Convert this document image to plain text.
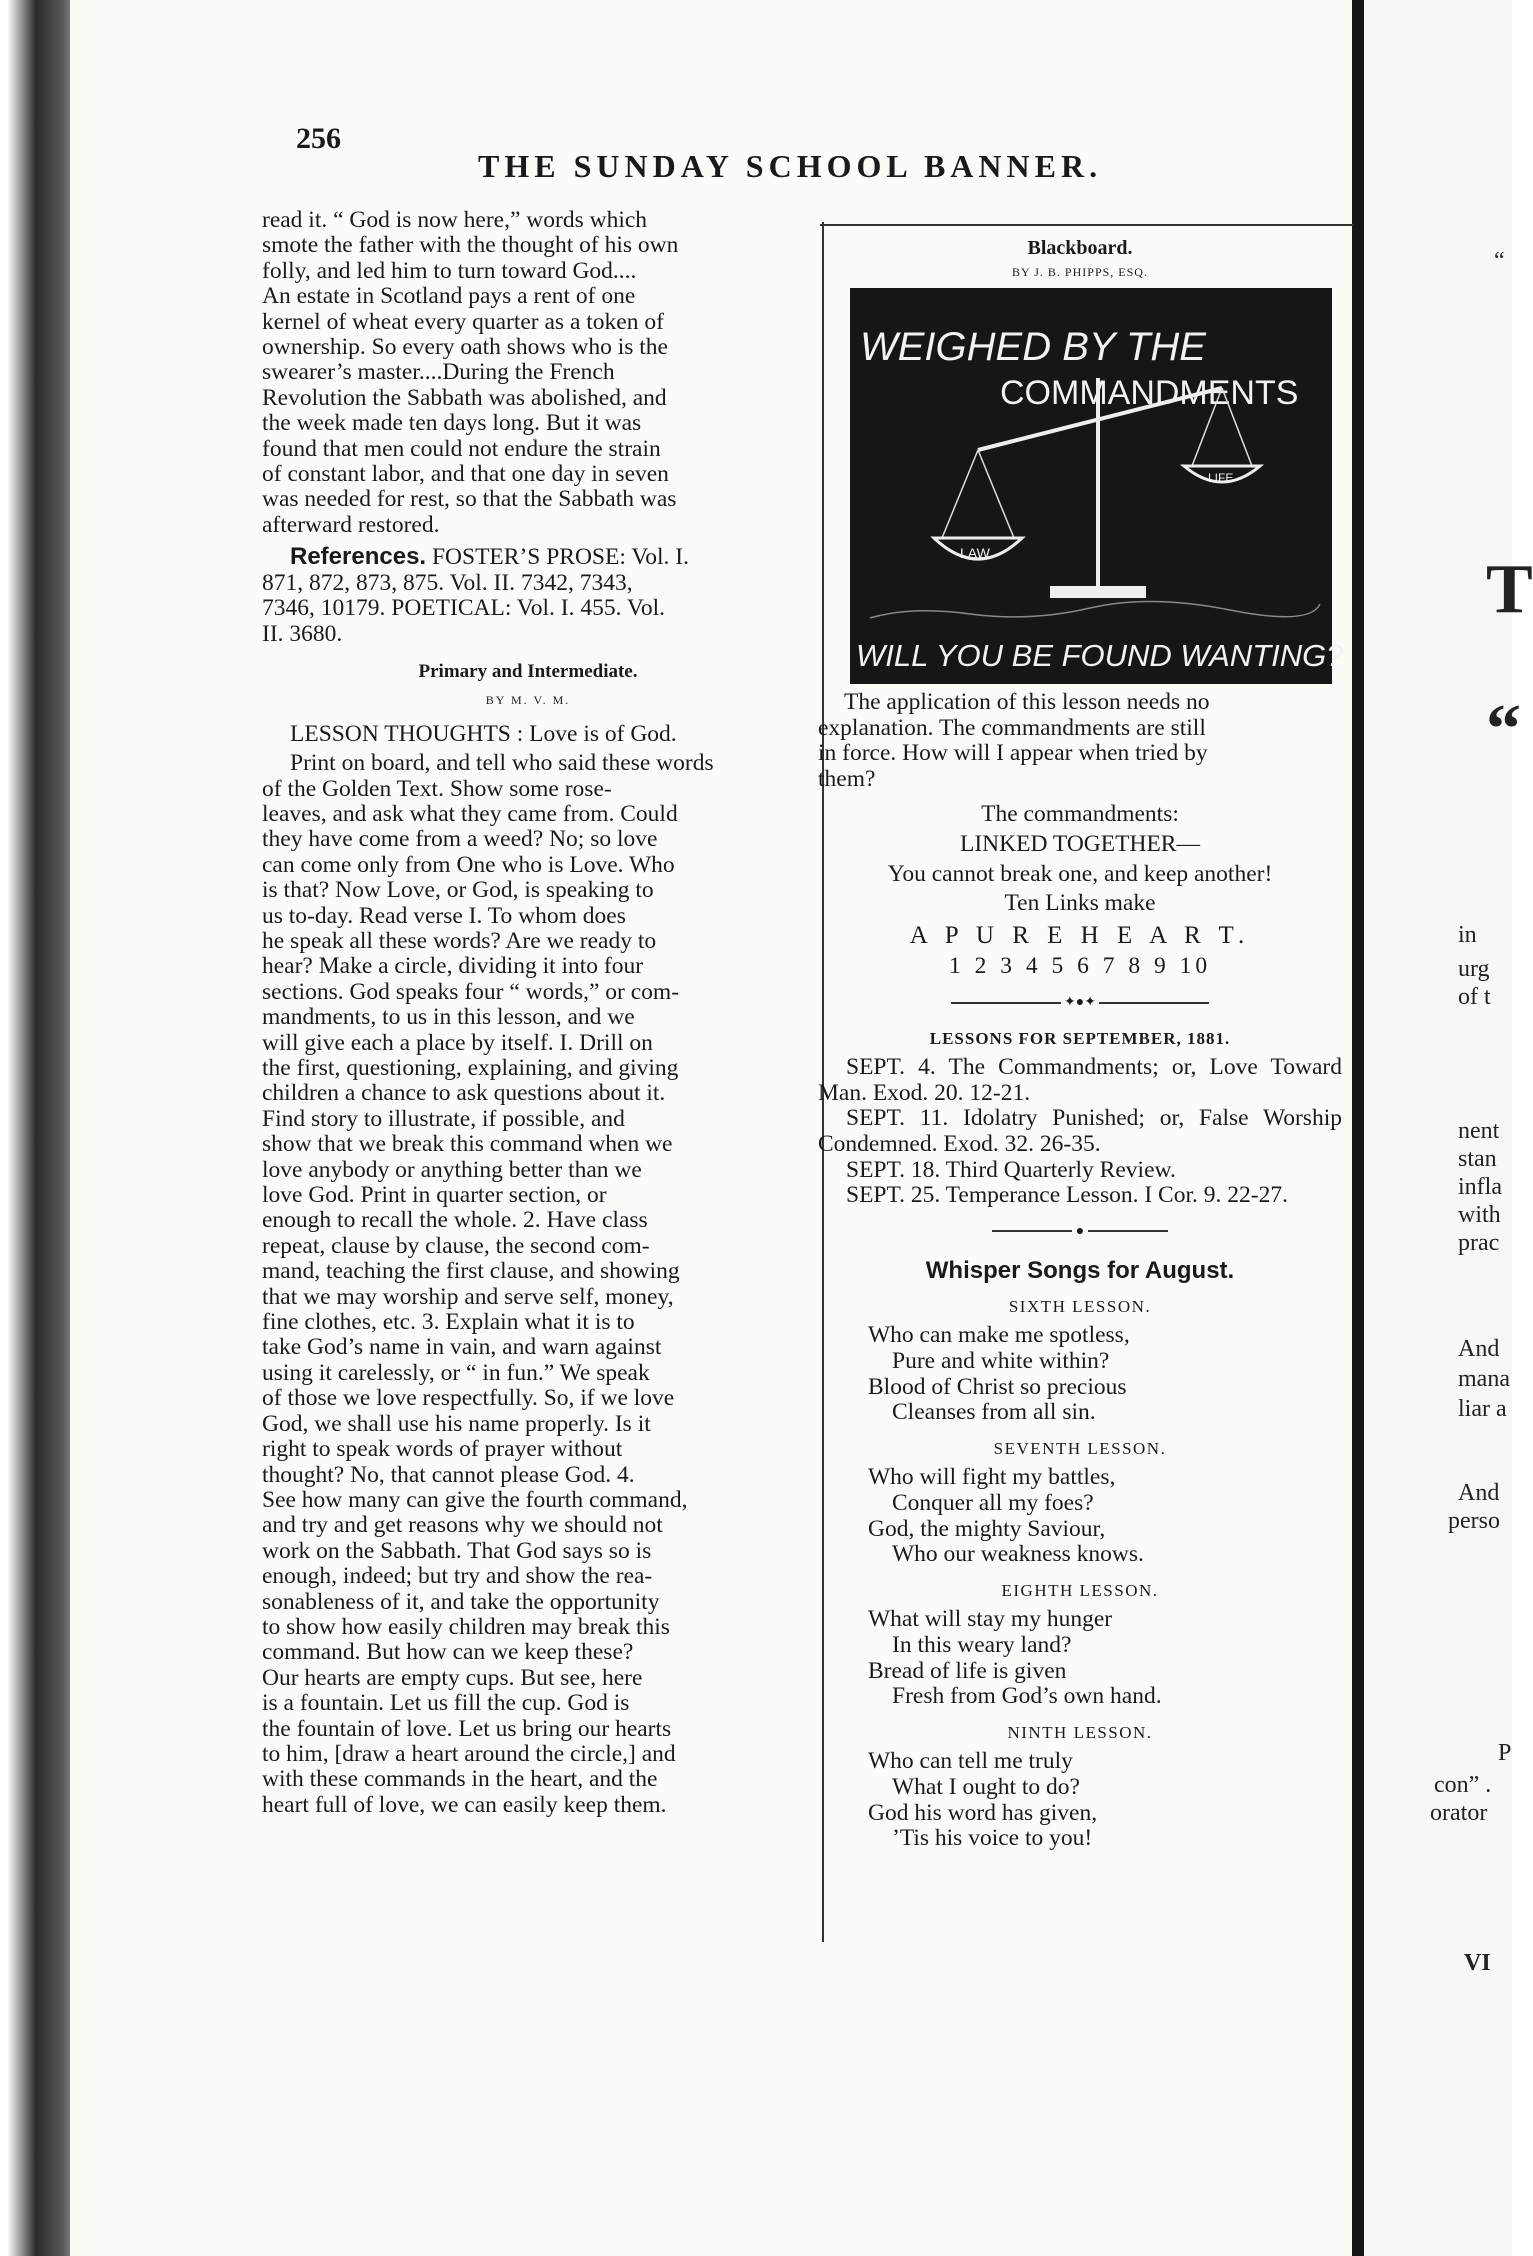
256
THE SUNDAY SCHOOL BANNER.

read it. “ God is now here,” words which

smote the father with the thought of his own

folly, and led him to turn toward God....

An estate in Scotland pays a rent of one

kernel of wheat every quarter as a token of

ownership. So every oath shows who is the

swearer’s master....During the French

Revolution the Sabbath was abolished, and

the week made ten days long. But it was

found that men could not endure the strain

of constant labor, and that one day in seven

was needed for rest, so that the Sabbath was

afterward restored.

References. FOSTER’S PROSE: Vol. I.

871, 872, 873, 875. Vol. II. 7342, 7343,

7346, 10179. POETICAL: Vol. I. 455. Vol.

II. 3680.

Primary and Intermediate.

BY M. V. M.

LESSON THOUGHTS : Love is of God.

Print on board, and tell who said these words

of the Golden Text. Show some rose-

leaves, and ask what they came from. Could

they have come from a weed? No; so love

can come only from One who is Love. Who

is that? Now Love, or God, is speaking to

us to-day. Read verse I. To whom does

he speak all these words? Are we ready to

hear? Make a circle, dividing it into four

sections. God speaks four “ words,” or com-

mandments, to us in this lesson, and we

will give each a place by itself. I. Drill on

the first, questioning, explaining, and giving

children a chance to ask questions about it.

Find story to illustrate, if possible, and

show that we break this command when we

love anybody or anything better than we

love God. Print in quarter section, or

enough to recall the whole. 2. Have class

repeat, clause by clause, the second com-

mand, teaching the first clause, and showing

that we may worship and serve self, money,

fine clothes, etc. 3. Explain what it is to

take God’s name in vain, and warn against

using it carelessly, or “ in fun.” We speak

of those we love respectfully. So, if we love

God, we shall use his name properly. Is it

right to speak words of prayer without

thought? No, that cannot please God. 4.

See how many can give the fourth command,

and try and get reasons why we should not

work on the Sabbath. That God says so is

enough, indeed; but try and show the rea-

sonableness of it, and take the opportunity

to show how easily children may break this

command. But how can we keep these?

Our hearts are empty cups. But see, here

is a fountain. Let us fill the cup. God is

the fountain of love. Let us bring our hearts

to him, [draw a heart around the circle,] and

with these commands in the heart, and the

heart full of love, we can easily keep them.

Blackboard.
BY J. B. PHIPPS, ESQ.
WEIGHED BY THE
COMMANDMENTS
LAW
LIFE
WILL YOU BE FOUND WANTING?

The application of this lesson needs no

explanation. The commandments are still

in force. How will I appear when tried by

them?

The commandments:

LINKED TOGETHER—

You cannot break one, and keep another!

Ten Links make

A P U R E H E A R T.

1 2 3 4 5 6 7 8 9 10

✦●✦

LESSONS FOR SEPTEMBER, 1881.

SEPT. 4. The Commandments; or, Love Toward Man. Exod. 20. 12-21.

SEPT. 11. Idolatry Punished; or, False Worship Condemned. Exod. 32. 26-35.

SEPT. 18. Third Quarterly Review.

SEPT. 25. Temperance Lesson. I Cor. 9. 22-27.

●

Whisper Songs for August.

SIXTH LESSON.

Who can make me spotless,
Pure and white within?
Blood of Christ so precious
Cleanses from all sin.

SEVENTH LESSON.

Who will fight my battles,
Conquer all my foes?
God, the mighty Saviour,
Who our weakness knows.

EIGHTH LESSON.

What will stay my hunger
In this weary land?
Bread of life is given
Fresh from God’s own hand.

NINTH LESSON.

Who can tell me truly
What I ought to do?
God his word has given,
’Tis his voice to you!
“
T
“
in
urg
of t
nent
stan
infla
with
prac
And
mana
liar a
And
perso
P
con” .
orator
VI
